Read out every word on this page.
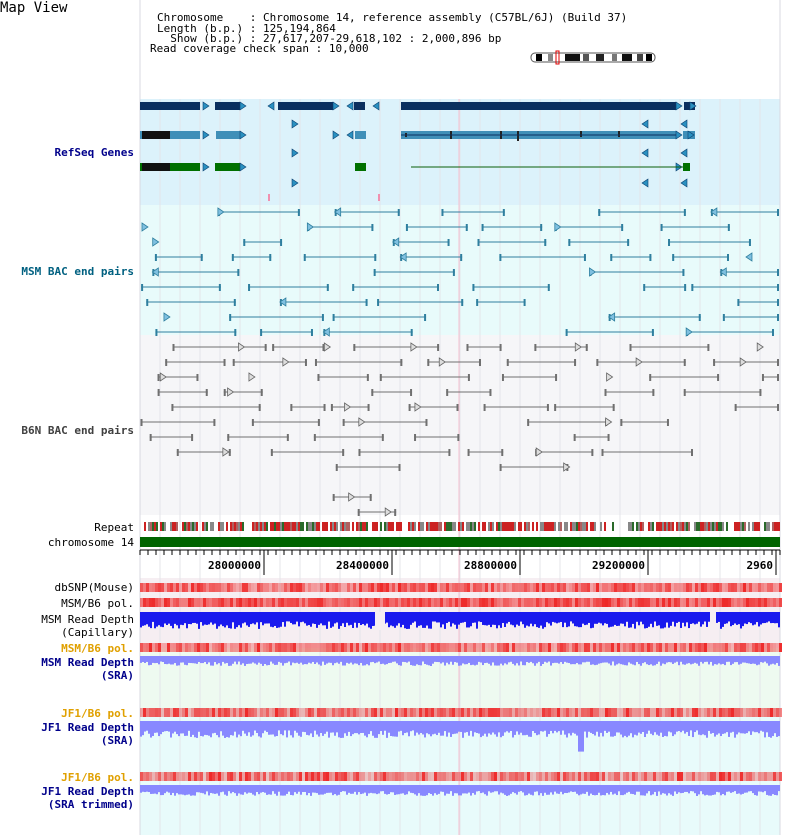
Map View
Chromosome    : Chromosome 14, reference assembly (C57BL/6J) (Build 37)
Length (b.p.) : 125,194,864
Show (b.p.) : 27,617,207-29,618,102 : 2,000,896 bp
Read coverage check span : 10,000
28000000	28400000	28800000	29200000	2960
RefSeq Genes
MSM BAC end pairs
B6N BAC end pairs
Repeat
chromosome 14
dbSNP(Mouse)
MSM/B6 pol.
MSM Read Depth
(Capillary)
MSM/B6 pol.
MSM Read Depth
(SRA)
JF1/B6 pol.
JF1 Read Depth
(SRA)
JF1/B6 pol.
JF1 Read Depth
(SRA trimmed)
